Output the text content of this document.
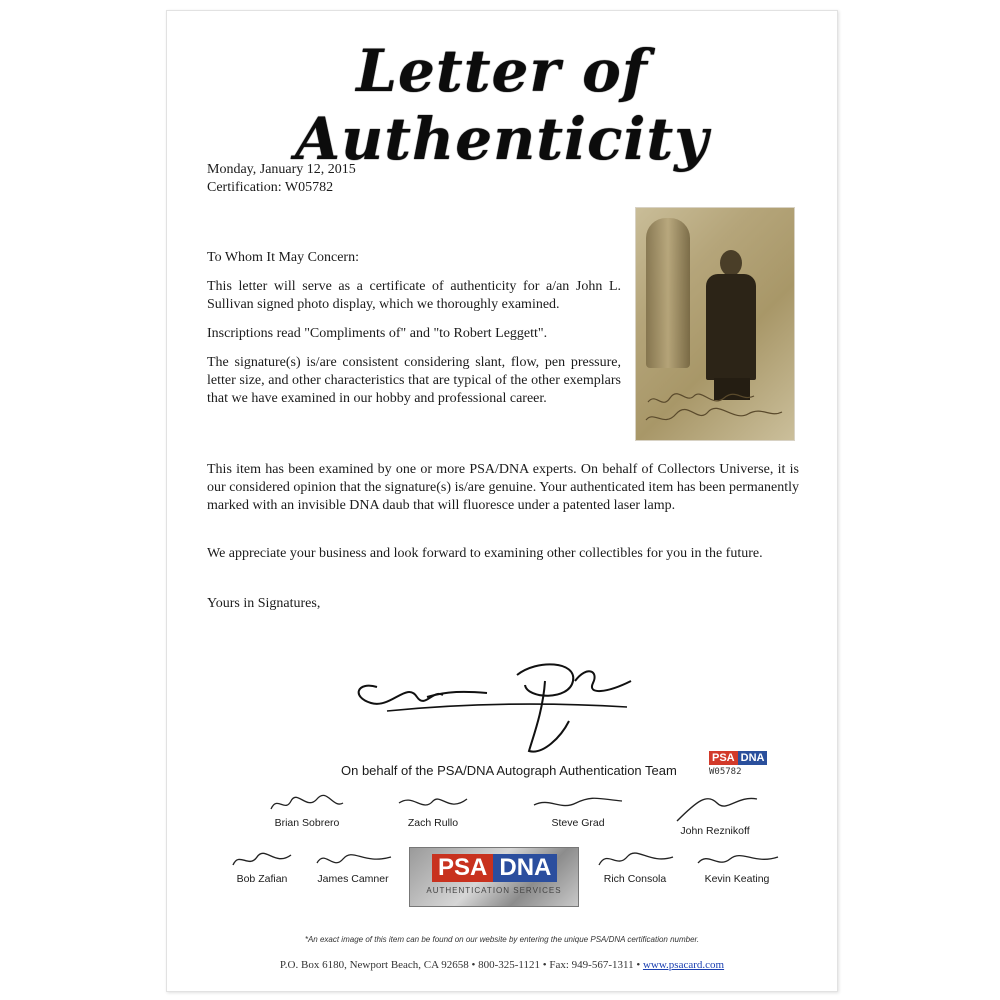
Letter of Authenticity
Monday, January 12, 2015
Certification: W05782

To Whom It May Concern:

This letter will serve as a certificate of authenticity for a/an John L. Sullivan signed photo display, which we thoroughly examined.

Inscriptions read "Compliments of" and "to Robert Leggett".

The signature(s) is/are consistent considering slant, flow, pen pressure, letter size, and other characteristics that are typical of the other exemplars that we have examined in our hobby and professional career.

This item has been examined by one or more PSA/DNA experts. On behalf of Collectors Universe, it is our considered opinion that the signature(s) is/are genuine. Your authenticated item has been permanently marked with an invisible DNA daub that will fluoresce under a patented laser lamp.

We appreciate your business and look forward to examining other collectibles for you in the future.

Yours in Signatures,

On behalf of the PSA/DNA Autograph Authentication Team
PSA DNA
W05782
Brian Sobrero	Zach Rullo	Steve Grad
John Reznikoff
Bob Zafian	James Camner	PSA DNA
AUTHENTICATION SERVICES
Rich Consola	Kevin Keating
*An exact image of this item can be found on our website by entering the unique PSA/DNA certification number.
P.O. Box 6180, Newport Beach, CA 92658 • 800-325-1121 • Fax: 949-567-1311 • www.psacard.com
